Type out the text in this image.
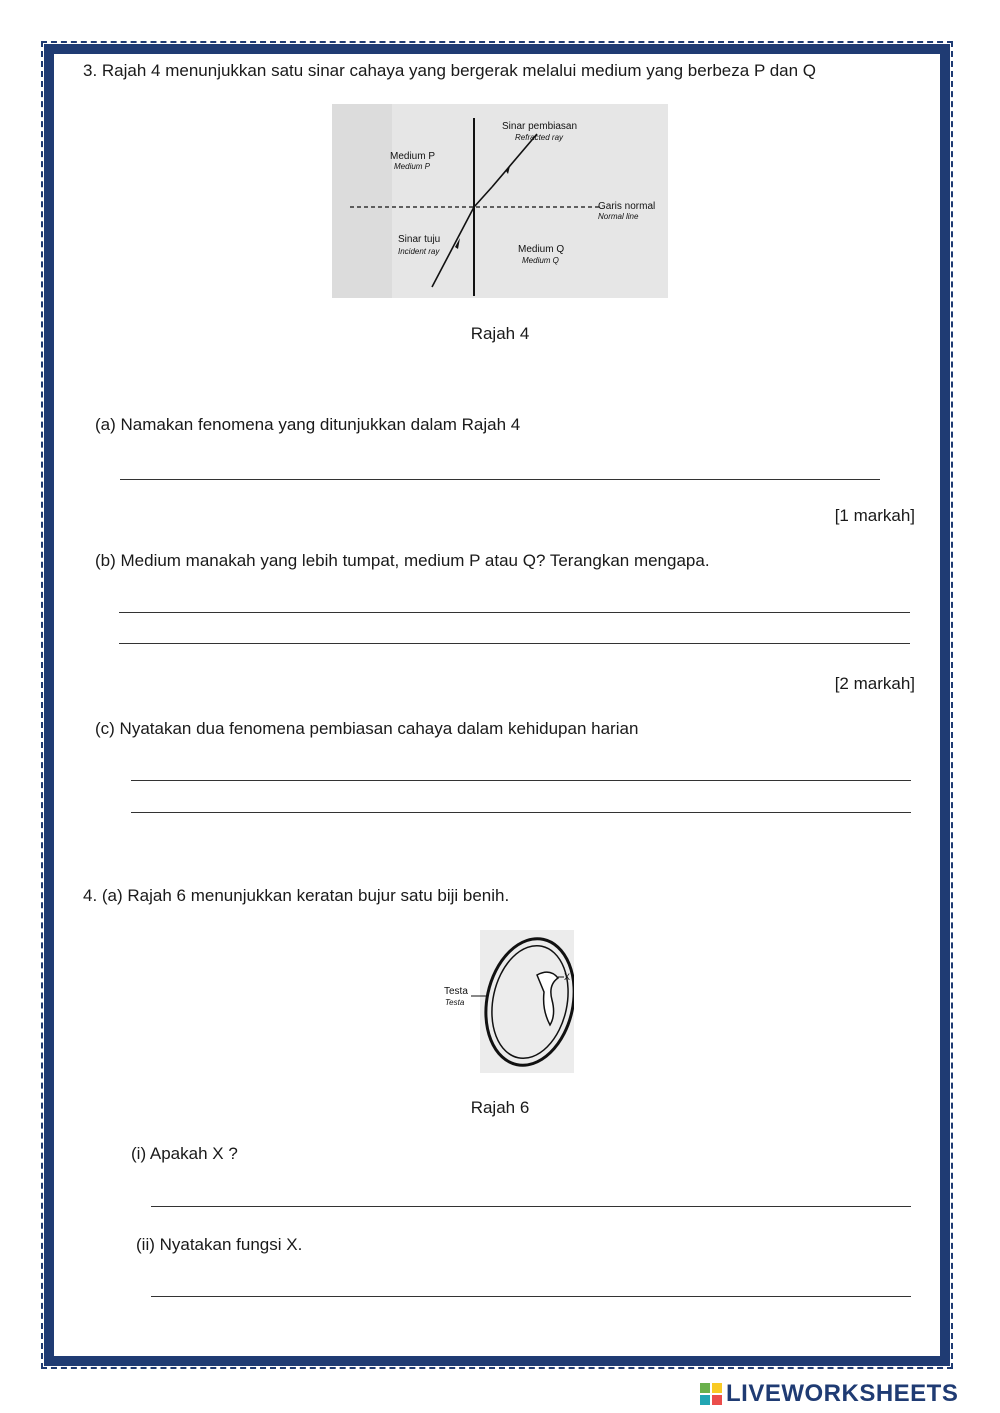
3. Rajah 4 menunjukkan satu sinar cahaya yang bergerak melalui medium yang berbeza P dan Q
Sinar pembiasan
Refracted ray
Medium P
Medium P
Garis normal
Normal line
Sinar tuju
Incident ray	Medium Q
Medium Q
Rajah 4
(a) Namakan fenomena yang ditunjukkan dalam Rajah 4
[1 markah]
(b) Medium manakah yang lebih tumpat, medium P atau Q? Terangkan mengapa.
[2 markah]
(c) Nyatakan dua fenomena pembiasan cahaya dalam kehidupan harian
4. (a) Rajah 6 menunjukkan keratan bujur satu biji benih.
Testa
Testa
X
Rajah 6
(i) Apakah X ?
(ii) Nyatakan fungsi X.
LIVEWORKSHEETS
